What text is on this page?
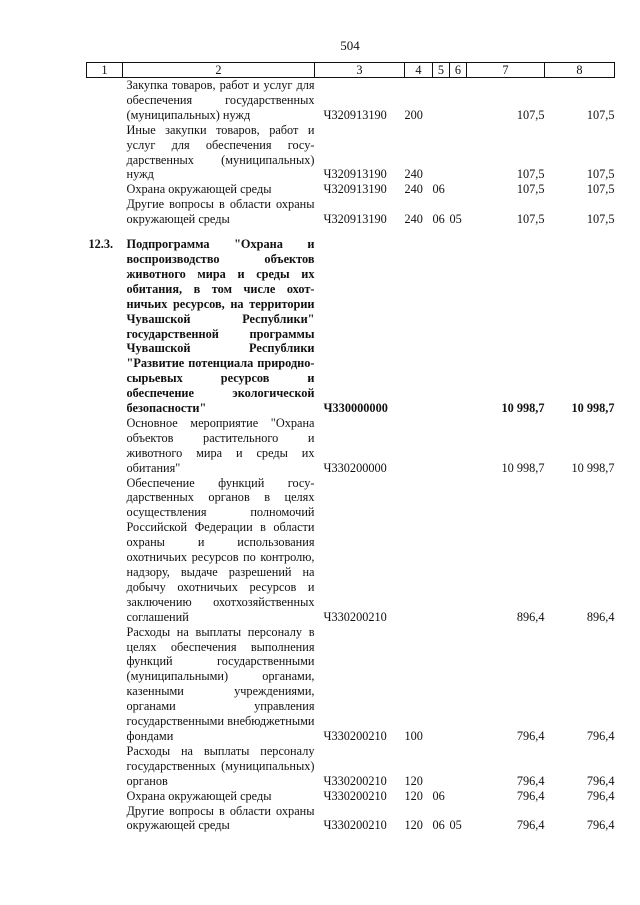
504
1	2	3	4	5	6	7	8
	Закупка товаров, работ и услуг для обеспечения государственных (муниципальных) нужд	Ч320913190	200			107,5	107,5
	Иные закупки товаров, работ и услуг для обеспечения государственных (муниципальных) нужд	Ч320913190	240			107,5	107,5
	Охрана окружающей среды	Ч320913190	240	06		107,5	107,5
	Другие вопросы в области охраны окружающей среды	Ч320913190	240	06	05	107,5	107,5

12.3.	Подпрограмма "Охрана и воспроизводство объектов животного мира и среды их обитания, в том числе охотничьих ресурсов, на территории Чувашской Республики" государственной программы Чувашской Республики "Развитие потенциала природно-сырьевых ресурсов и обеспечение экологической безопасности"	Ч330000000				10 998,7	10 998,7
	Основное мероприятие "Охрана объектов растительного и животного мира и среды их обитания"	Ч330200000				10 998,7	10 998,7
	Обеспечение функций государственных органов в целях осуществления полномочий Российской Федерации в области охраны и использования охотничьих ресурсов по контролю, надзору, выдаче разрешений на добычу охотничьих ресурсов и заключению охотхозяйственных соглашений	Ч330200210				896,4	896,4
	Расходы на выплаты персоналу в целях обеспечения выполнения функций государственными (муниципальными) органами, казенными учреждениями, органами управления государственными внебюджетными фондами	Ч330200210	100			796,4	796,4
	Расходы на выплаты персоналу государственных (муниципальных) органов	Ч330200210	120			796,4	796,4
	Охрана окружающей среды	Ч330200210	120	06		796,4	796,4
	Другие вопросы в области охраны окружающей среды	Ч330200210	120	06	05	796,4	796,4
